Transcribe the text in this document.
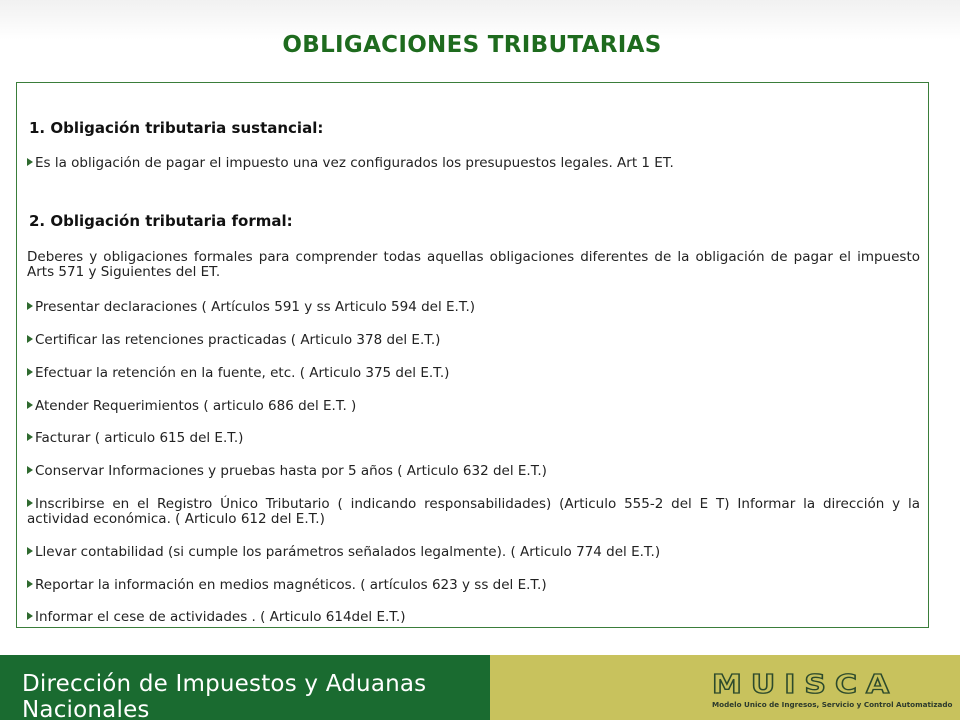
OBLIGACIONES TRIBUTARIAS
1. Obligación tributaria sustancial:
Es la obligación de pagar el impuesto una vez configurados los presupuestos legales. Art 1 ET.
2. Obligación tributaria formal:
Deberes y obligaciones formales para comprender todas aquellas obligaciones diferentes de la obligación de pagar el impuesto Arts 571 y Siguientes del ET.
Presentar declaraciones ( Artículos 591 y ss Articulo 594 del E.T.)
Certificar las retenciones practicadas ( Articulo 378 del E.T.)
Efectuar la retención en la fuente, etc. ( Articulo 375 del E.T.)
Atender Requerimientos ( articulo 686 del E.T. )
Facturar ( articulo 615 del E.T.)
Conservar Informaciones y pruebas hasta por 5 años ( Articulo 632 del E.T.)
Inscribirse en el Registro Único Tributario ( indicando responsabilidades) (Articulo 555-2 del E T) Informar la dirección y la actividad económica. ( Articulo 612 del E.T.)
Llevar contabilidad (si cumple los parámetros señalados legalmente). ( Articulo 774 del E.T.)
Reportar la información en medios magnéticos. ( artículos 623 y ss del E.T.)
Informar el cese de actividades . ( Articulo 614del E.T.)
Dirección de Impuestos y Aduanas Nacionales
MUISCA
Modelo Unico de Ingresos, Servicio y Control Automatizado
